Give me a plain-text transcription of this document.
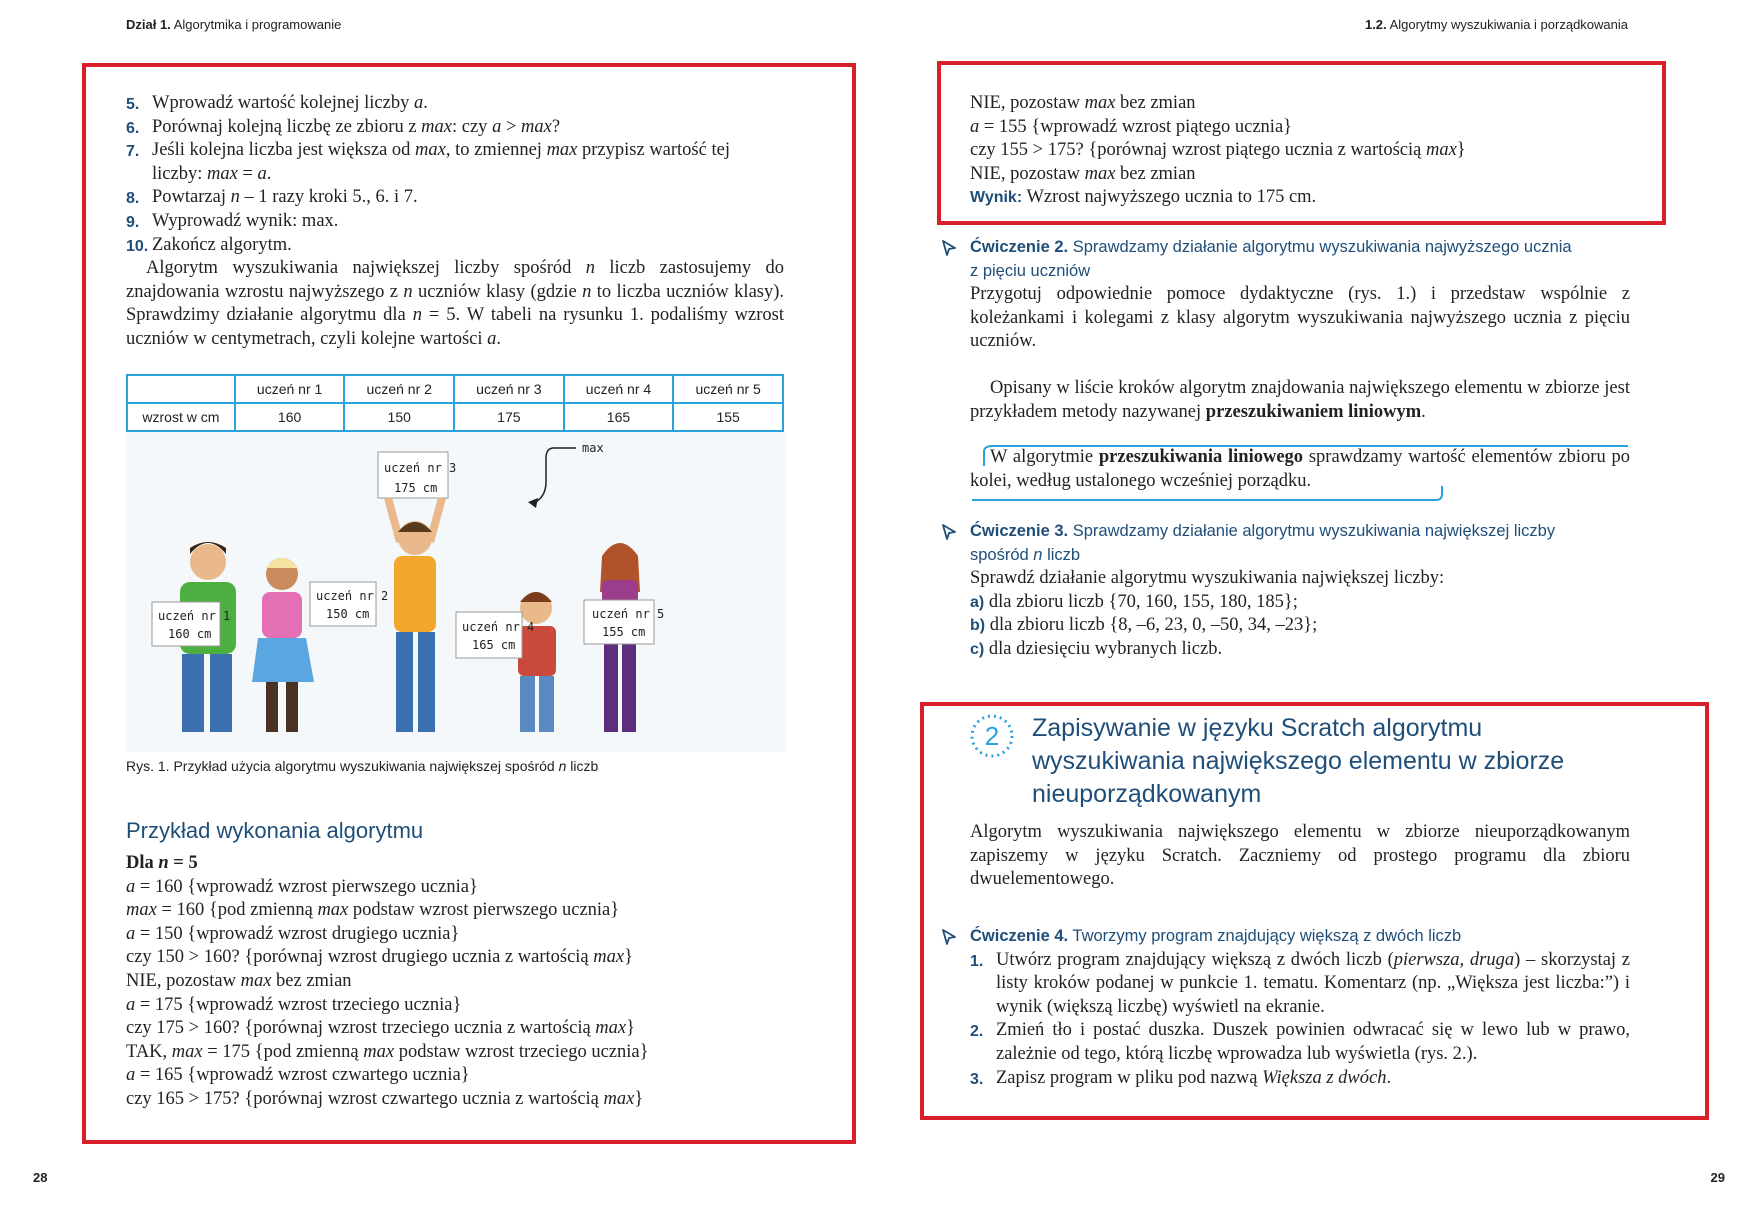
Dział 1. Algorytmika i programowanie	1.2. Algorytmy wyszukiwania i porządkowania
28	29
5. Wprowadź wartość kolejnej liczby a.
6. Porównaj kolejną liczbę ze zbioru z max: czy a > max?
7. Jeśli kolejna liczba jest większa od max, to zmiennej max przypisz wartość tej
liczby: max = a.
8. Powtarzaj n – 1 razy kroki 5., 6. i 7.
9. Wyprowadź wynik: max.
10. Zakończ algorytm.
Algorytm wyszukiwania największej liczby spośród n liczb zastosujemy do znajdowania wzrostu najwyższego z n uczniów klasy (gdzie n to liczba uczniów klasy). Sprawdzimy działanie algorytmu dla n = 5. W tabeli na rysunku 1. podaliśmy wzrost uczniów w centymetrach, czyli kolejne wartości a.
	uczeń nr 1	uczeń nr 2	uczeń nr 3	uczeń nr 4	uczeń nr 5
wzrost w cm	160	150	175	165	155
max
uczeń nr 1
160 cm
uczeń nr 2
150 cm
uczeń nr 3
175 cm
uczeń nr 4
165 cm
uczeń nr 5
155 cm
Rys. 1. Przykład użycia algorytmu wyszukiwania największej spośród n liczb
Przykład wykonania algorytmu
Dla n = 5
a = 160 {wprowadź wzrost pierwszego ucznia}
max = 160 {pod zmienną max podstaw wzrost pierwszego ucznia}
a = 150 {wprowadź wzrost drugiego ucznia}
czy 150 > 160? {porównaj wzrost drugiego ucznia z wartością max}
NIE, pozostaw max bez zmian
a = 175 {wprowadź wzrost trzeciego ucznia}
czy 175 > 160? {porównaj wzrost trzeciego ucznia z wartością max}
TAK, max = 175 {pod zmienną max podstaw wzrost trzeciego ucznia}
a = 165 {wprowadź wzrost czwartego ucznia}
czy 165 > 175? {porównaj wzrost czwartego ucznia z wartością max}
NIE, pozostaw max bez zmian
a = 155 {wprowadź wzrost piątego ucznia}
czy 155 > 175? {porównaj wzrost piątego ucznia z wartością max}
NIE, pozostaw max bez zmian
Wynik: Wzrost najwyższego ucznia to 175 cm.
Ćwiczenie 2. Sprawdzamy działanie algorytmu wyszukiwania najwyższego ucznia
z pięciu uczniów
Przygotuj odpowiednie pomoce dydaktyczne (rys. 1.) i przedstaw wspólnie z koleżankami i kolegami z klasy algorytm wyszukiwania najwyższego ucznia z pięciu uczniów.
Opisany w liście kroków algorytm znajdowania największego elementu w zbiorze jest przykładem metody nazywanej przeszukiwaniem liniowym.
W algorytmie przeszukiwania liniowego sprawdzamy wartość elementów zbioru po kolei, według ustalonego wcześniej porządku.
Ćwiczenie 3. Sprawdzamy działanie algorytmu wyszukiwania największej liczby
spośród n liczb
Sprawdź działanie algorytmu wyszukiwania największej liczby:
a) dla zbioru liczb {70, 160, 155, 180, 185};
b) dla zbioru liczb {8, –6, 23, 0, –50, 34, –23};
c) dla dziesięciu wybranych liczb.
2 Zapisywanie w języku Scratch algorytmu
wyszukiwania największego elementu w zbiorze
nieuporządkowanym
Algorytm wyszukiwania największego elementu w zbiorze nieuporządkowanym zapiszemy w języku Scratch. Zaczniemy od prostego programu dla zbioru dwuelementowego.
Ćwiczenie 4. Tworzymy program znajdujący większą z dwóch liczb
1. Utwórz program znajdujący większą z dwóch liczb (pierwsza, druga) – skorzystaj z listy kroków podanej w punkcie 1. tematu. Komentarz (np. „Większa jest liczba:”) i wynik (większą liczbę) wyświetl na ekranie.
2. Zmień tło i postać duszka. Duszek powinien odwracać się w lewo lub w prawo, zależnie od tego, którą liczbę wprowadza lub wyświetla (rys. 2.).
3. Zapisz program w pliku pod nazwą Większa z dwóch.
